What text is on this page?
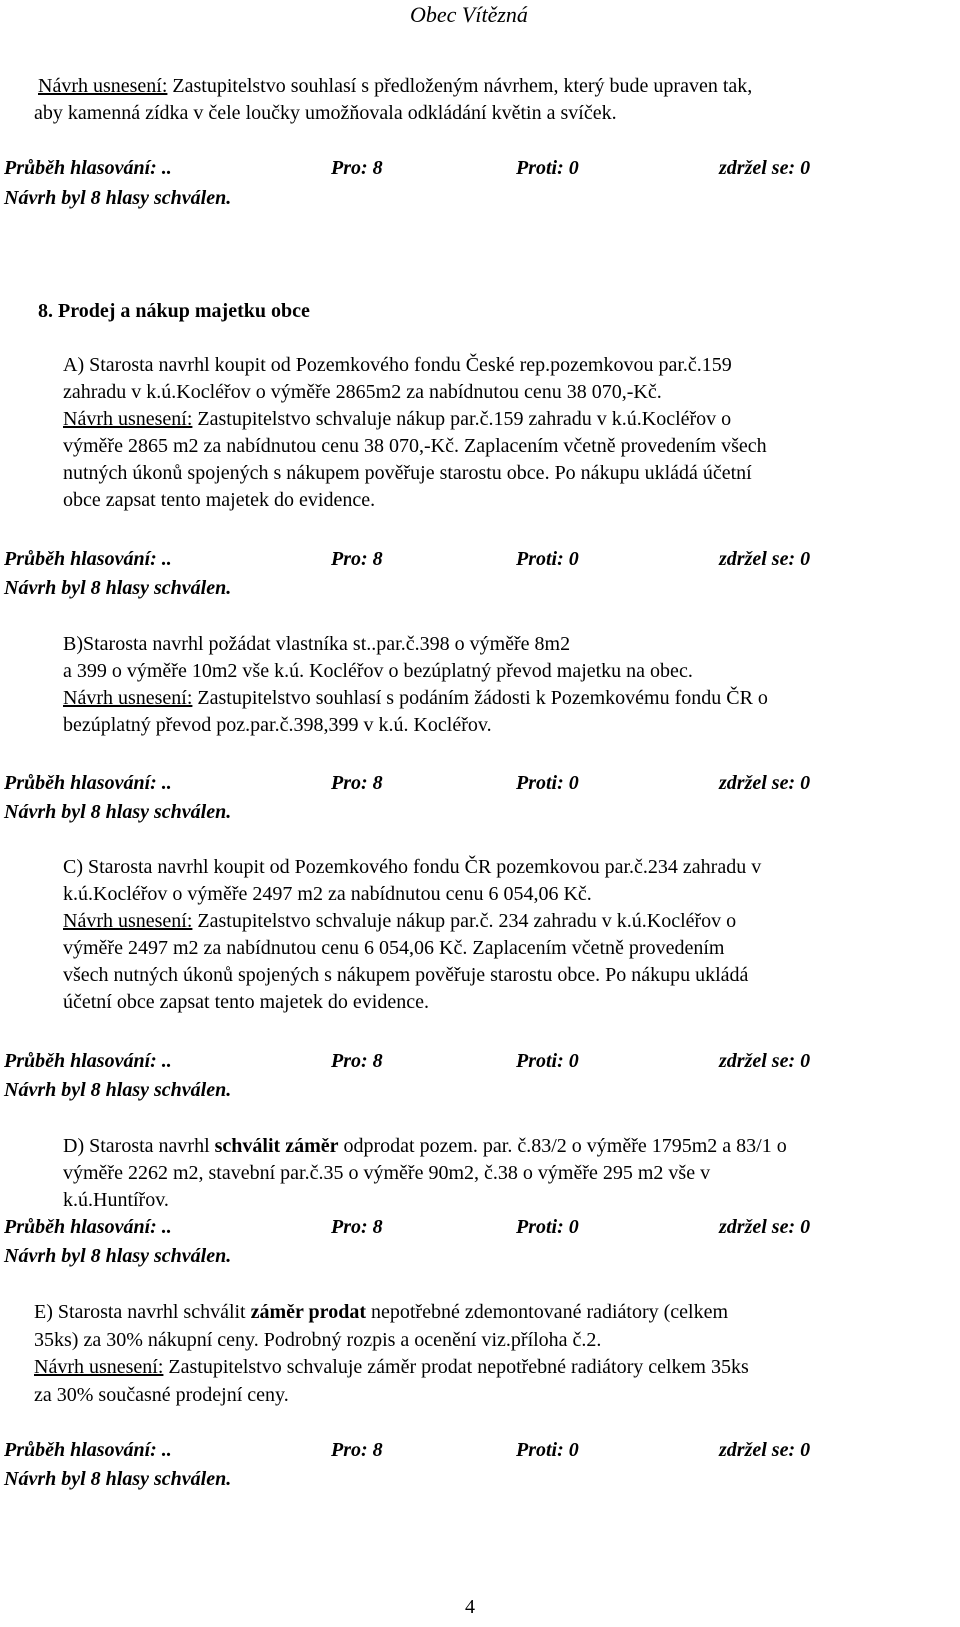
Obec Vítězná
Návrh usnesení: Zastupitelstvo souhlasí s předloženým návrhem, který bude upraven tak,
aby kamenná zídka v čele loučky umožňovala odkládání květin a svíček.
Průběh hlasování: ..	Pro: 8	Proti: 0	zdržel se: 0
Návrh byl 8 hlasy schválen.
8. Prodej a nákup majetku obce
A) Starosta navrhl koupit od Pozemkového fondu České rep.pozemkovou par.č.159
zahradu v k.ú.Kocléřov o výměře 2865m2 za nabídnutou cenu 38 070,-Kč.
Návrh usnesení: Zastupitelstvo schvaluje nákup par.č.159 zahradu v k.ú.Kocléřov o
výměře 2865 m2 za nabídnutou cenu 38 070,-Kč. Zaplacením včetně provedením všech
nutných úkonů spojených s nákupem pověřuje starostu obce. Po nákupu ukládá účetní
obce zapsat tento majetek do evidence.
Průběh hlasování: ..	Pro: 8	Proti: 0	zdržel se: 0
Návrh byl 8 hlasy schválen.
B)Starosta navrhl požádat vlastníka st..par.č.398 o výměře 8m2
a 399 o výměře 10m2 vše k.ú. Kocléřov o bezúplatný převod majetku na obec.
Návrh usnesení: Zastupitelstvo souhlasí s podáním žádosti k Pozemkovému fondu ČR o
bezúplatný převod poz.par.č.398,399 v k.ú. Kocléřov.
Průběh hlasování: ..	Pro: 8	Proti: 0	zdržel se: 0
Návrh byl 8 hlasy schválen.
C) Starosta navrhl koupit od Pozemkového fondu ČR pozemkovou par.č.234 zahradu v
k.ú.Kocléřov o výměře 2497 m2 za nabídnutou cenu 6 054,06 Kč.
Návrh usnesení: Zastupitelstvo schvaluje nákup par.č. 234 zahradu v k.ú.Kocléřov o
výměře 2497 m2 za nabídnutou cenu 6 054,06 Kč. Zaplacením včetně provedením
všech nutných úkonů spojených s nákupem pověřuje starostu obce. Po nákupu ukládá
účetní obce zapsat tento majetek do evidence.
Průběh hlasování: ..	Pro: 8	Proti: 0	zdržel se: 0
Návrh byl 8 hlasy schválen.
D) Starosta navrhl schválit záměr odprodat pozem. par. č.83/2 o výměře 1795m2 a 83/1 o
výměře 2262 m2, stavební par.č.35 o výměře 90m2, č.38 o výměře 295 m2 vše v
k.ú.Huntířov.
Průběh hlasování: ..	Pro: 8	Proti: 0	zdržel se: 0
Návrh byl 8 hlasy schválen.
E) Starosta navrhl schválit záměr prodat nepotřebné zdemontované radiátory (celkem
35ks) za 30% nákupní ceny. Podrobný rozpis a ocenění viz.příloha č.2.
Návrh usnesení: Zastupitelstvo schvaluje záměr prodat nepotřebné radiátory celkem 35ks
za 30% současné prodejní ceny.
Průběh hlasování: ..	Pro: 8	Proti: 0	zdržel se: 0
Návrh byl 8 hlasy schválen.
4
